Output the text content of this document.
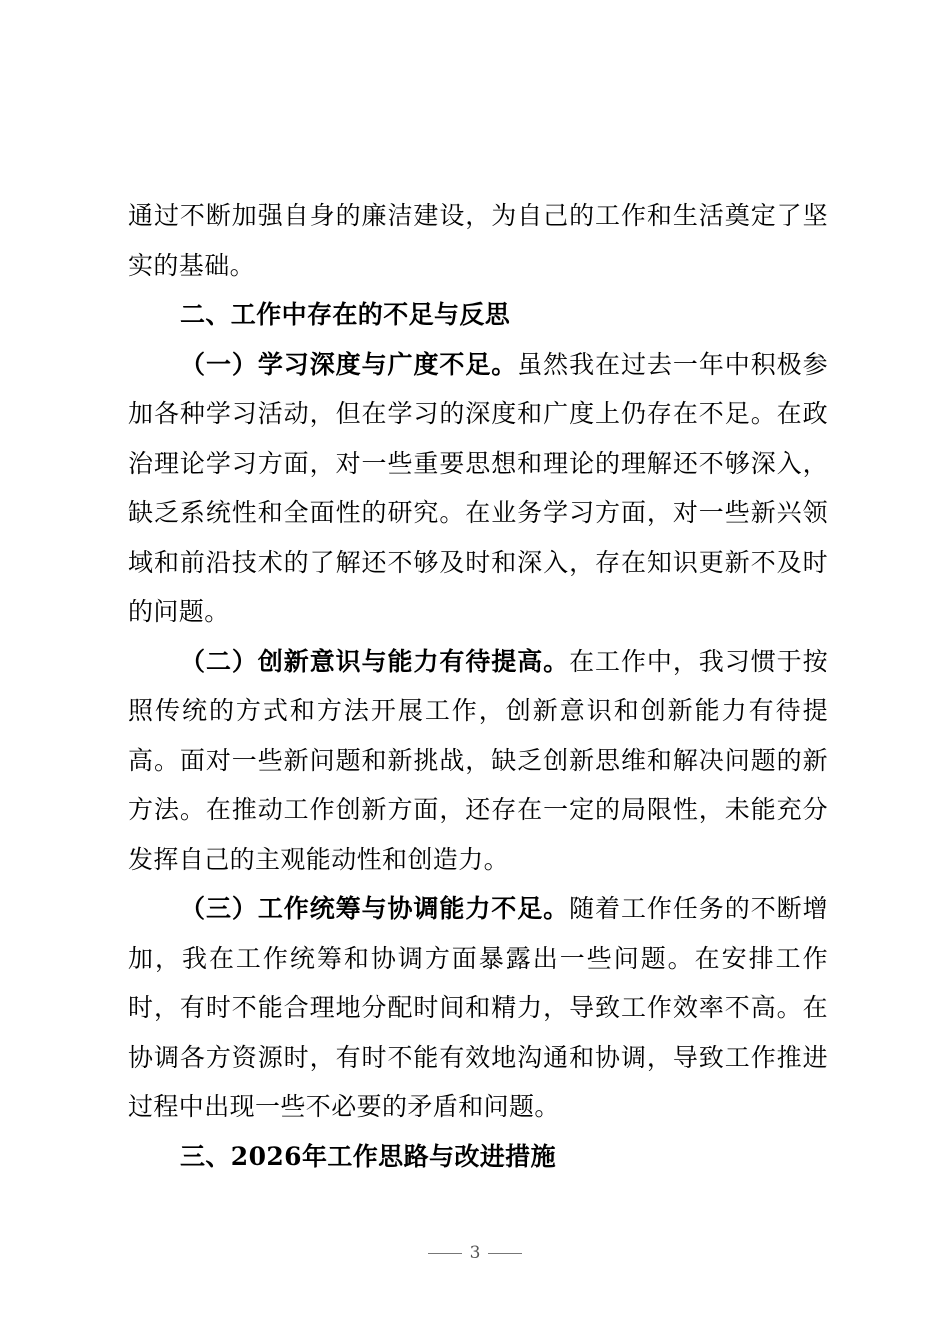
通过不断加强自身的廉洁建设，为自己的工作和生活奠定了坚实的基础。

二、工作中存在的不足与反思

（一）学习深度与广度不足。虽然我在过去一年中积极参加各种学习活动，但在学习的深度和广度上仍存在不足。在政治理论学习方面，对一些重要思想和理论的理解还不够深入，缺乏系统性和全面性的研究。在业务学习方面，对一些新兴领域和前沿技术的了解还不够及时和深入，存在知识更新不及时的问题。

（二）创新意识与能力有待提高。在工作中，我习惯于按照传统的方式和方法开展工作，创新意识和创新能力有待提高。面对一些新问题和新挑战，缺乏创新思维和解决问题的新方法。在推动工作创新方面，还存在一定的局限性，未能充分发挥自己的主观能动性和创造力。

（三）工作统筹与协调能力不足。随着工作任务的不断增加，我在工作统筹和协调方面暴露出一些问题。在安排工作时，有时不能合理地分配时间和精力，导致工作效率不高。在协调各方资源时，有时不能有效地沟通和协调，导致工作推进过程中出现一些不必要的矛盾和问题。

三、2026年工作思路与改进措施

3
